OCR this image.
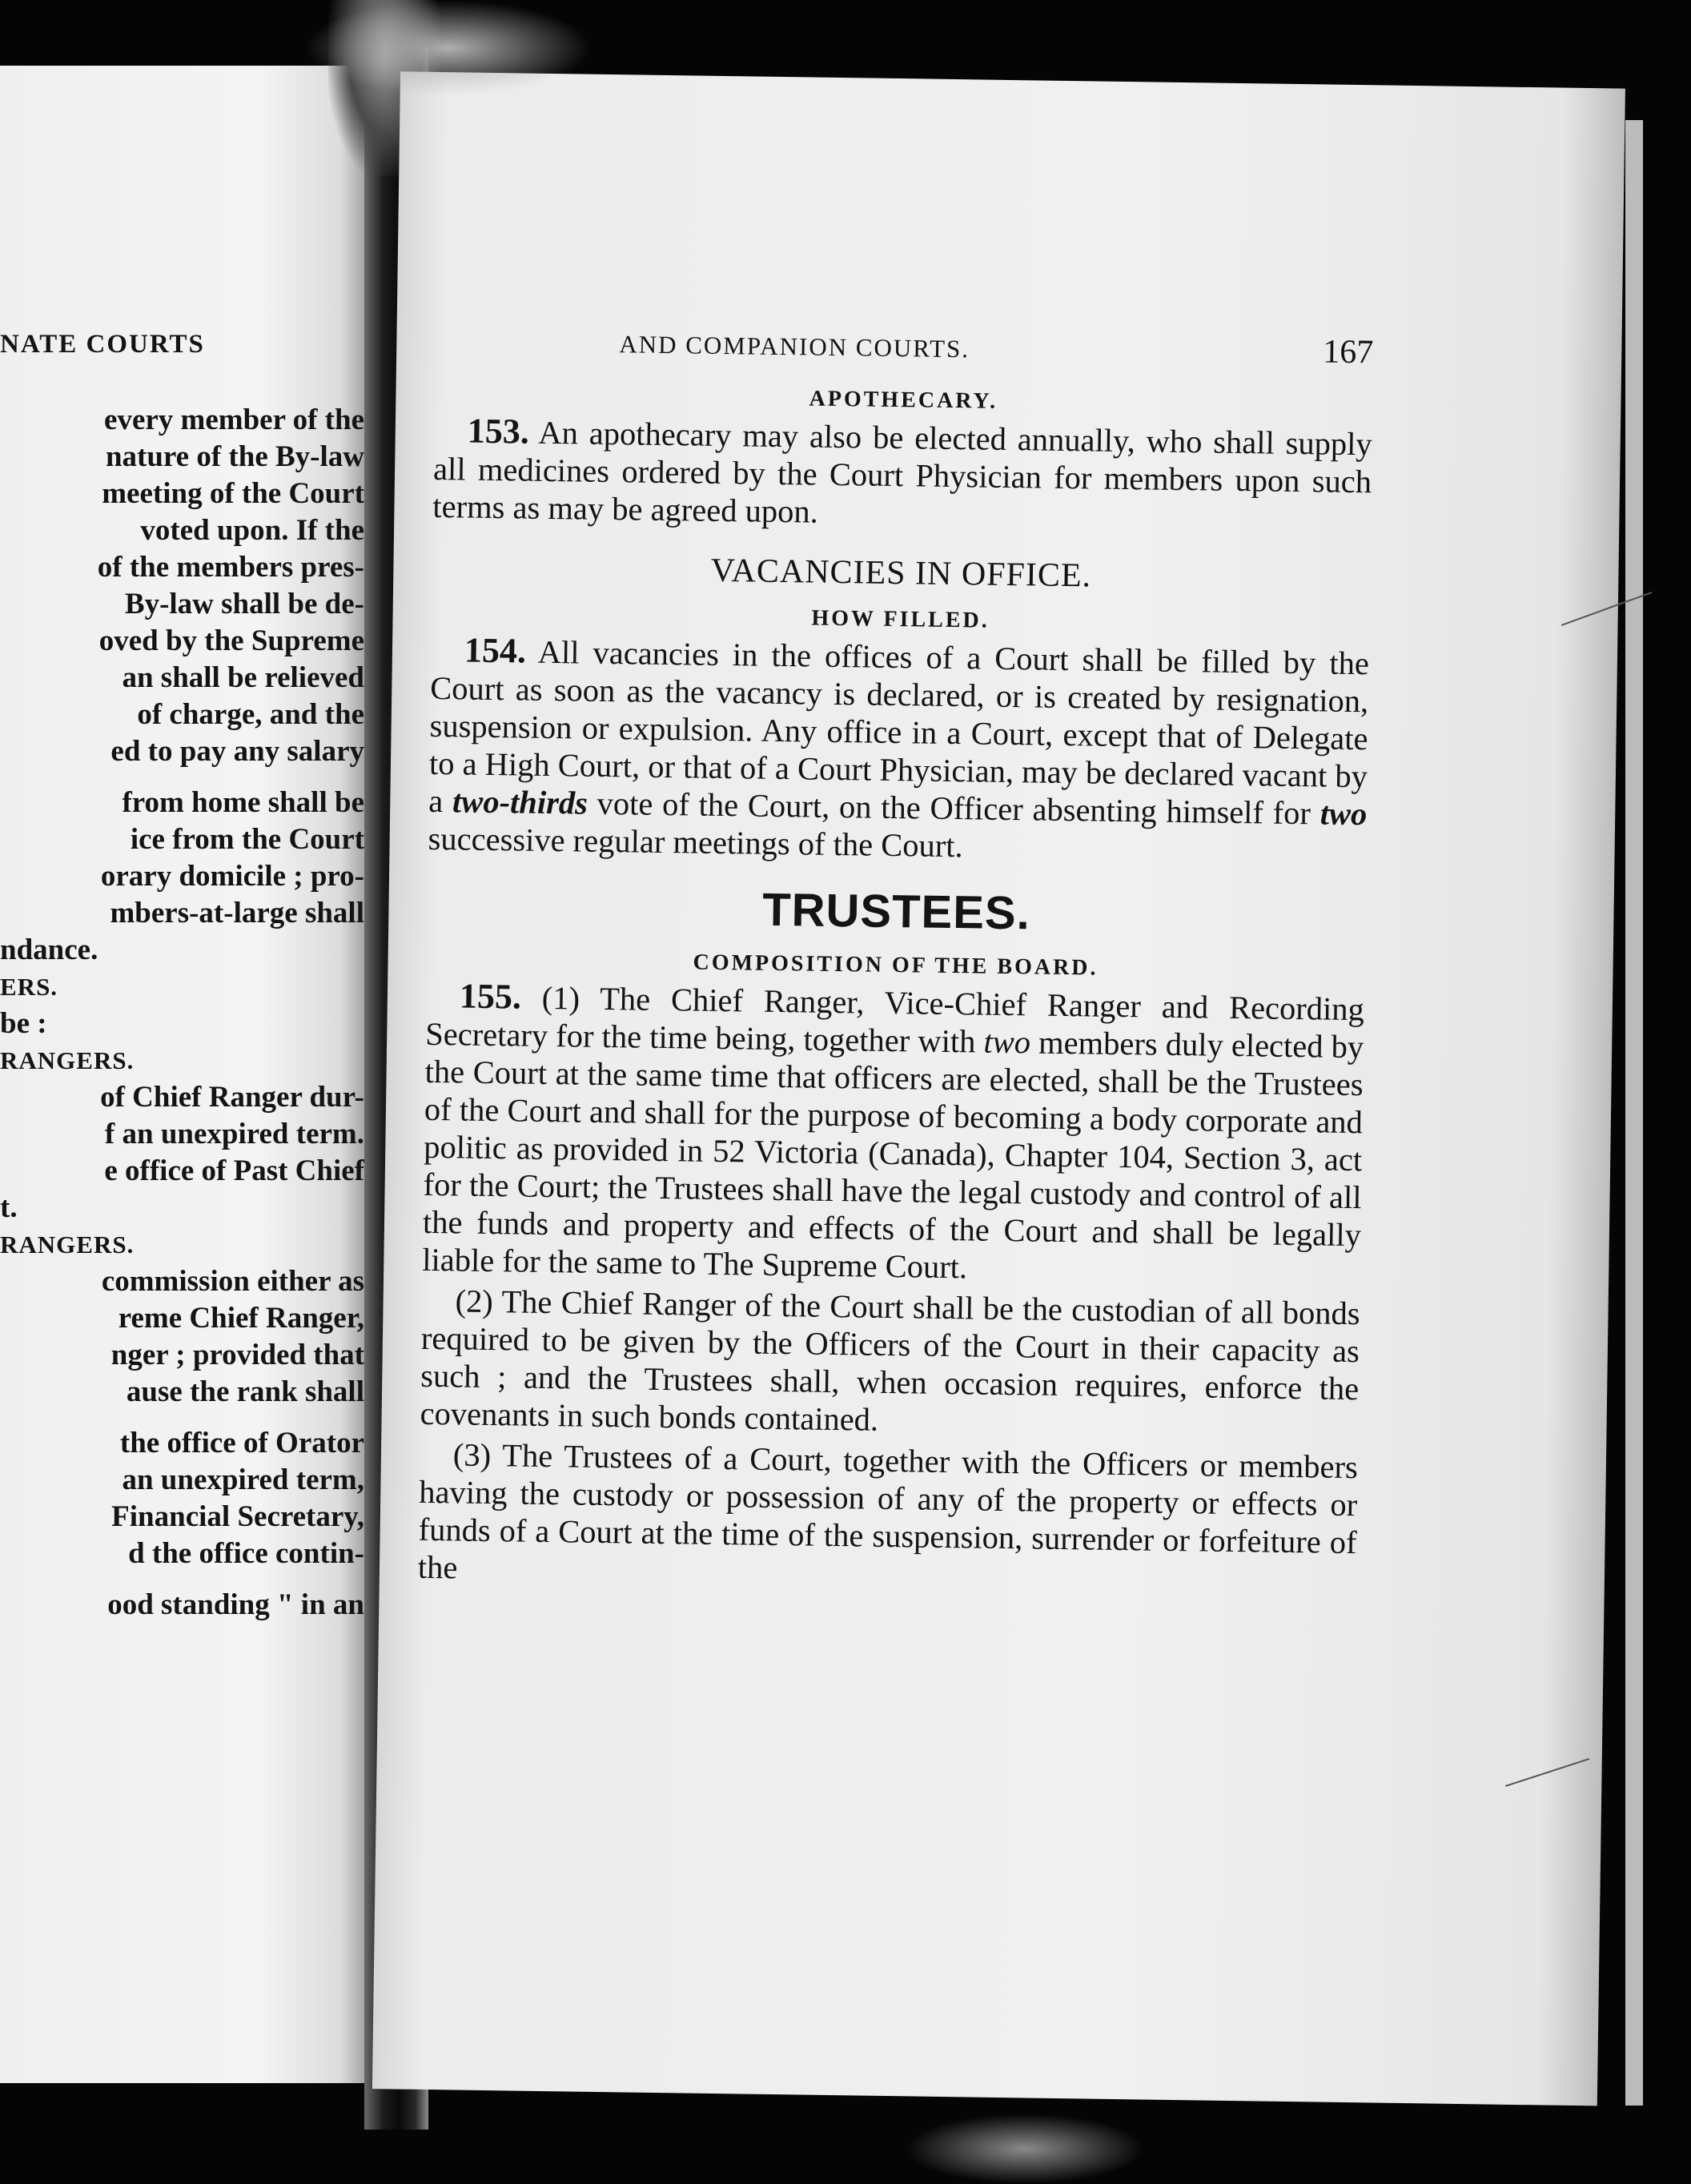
NATE COURTS
every member of the
nature of the By-law
meeting of the Court
voted upon. If the
of the members pres-
By-law shall be de-
oved by the Supreme
an shall be relieved
of charge, and the
ed to pay any salary
from home shall be
ice from the Court
orary domicile ; pro-
mbers-at-large shall
ndance.
ERS.
be :
RANGERS.
of Chief Ranger dur-
f an unexpired term.
e office of Past Chief
t.
RANGERS.
commission either as
reme Chief Ranger,
nger ; provided that
ause the rank shall
the office of Orator
an unexpired term,
Financial Secretary,
d the office contin-
ood standing " in an
AND COMPANION COURTS.	167
APOTHECARY.

153. An apothecary may also be elected annually, who shall supply all medicines ordered by the Court Physician for members upon such terms as may be agreed upon.

VACANCIES IN OFFICE.
HOW FILLED.

154. All vacancies in the offices of a Court shall be filled by the Court as soon as the vacancy is declared, or is created by resignation, suspension or expulsion. Any office in a Court, except that of Delegate to a High Court, or that of a Court Physician, may be declared vacant by a two-thirds vote of the Court, on the Officer absenting himself for two successive regular meetings of the Court.

TRUSTEES.
COMPOSITION OF THE BOARD.

155. (1) The Chief Ranger, Vice-Chief Ranger and Recording Secretary for the time being, together with two members duly elected by the Court at the same time that officers are elected, shall be the Trustees of the Court and shall for the purpose of becoming a body corporate and politic as provided in 52 Victoria (Canada), Chapter 104, Section 3, act for the Court; the Trustees shall have the legal custody and control of all the funds and property and effects of the Court and shall be legally liable for the same to The Supreme Court.

(2) The Chief Ranger of the Court shall be the custodian of all bonds required to be given by the Officers of the Court in their capacity as such ; and the Trustees shall, when occasion requires, enforce the covenants in such bonds contained.

(3) The Trustees of a Court, together with the Officers or members having the custody or possession of any of the property or effects or funds of a Court at the time of the suspension, surrender or forfeiture of the
